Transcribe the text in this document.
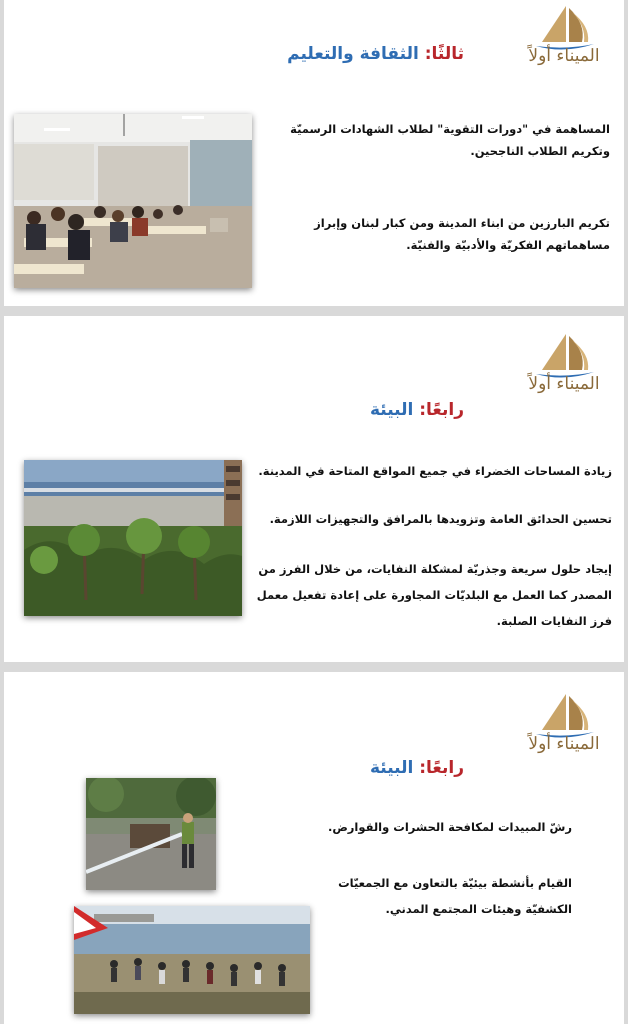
الميناء أولاً
ثالثًا: الثقافة والتعليم
المساهمة في "دورات التقوية" لطلاب الشهادات الرسميّة وتكريم الطلاب الناجحين.
تكريم البارزين من ابناء المدينة ومن كبار لبنان وإبراز مساهماتهم الفكريّة والأدبيّة والفنيّة.
الميناء أولاً
رابعًا: البيئة
زيادة المساحات الخضراء في جميع المواقع المتاحة في المدينة.
تحسين الحدائق العامة وتزويدها بالمرافق والتجهيزات اللازمة.
إيجاد حلول سريعة وجذريّة لمشكلة النفايات، من خلال الفرز من المصدر كما العمل مع البلديّات المجاورة على إعادة تفعيل معمل فرز النفايات الصلبة.
الميناء أولاً
رابعًا: البيئة
رشّ المبيدات لمكافحة الحشرات والقوارض.
القيام بأنشطة بيئيّة بالتعاون مع الجمعيّات الكشفيّة وهيئات المجتمع المدني.
